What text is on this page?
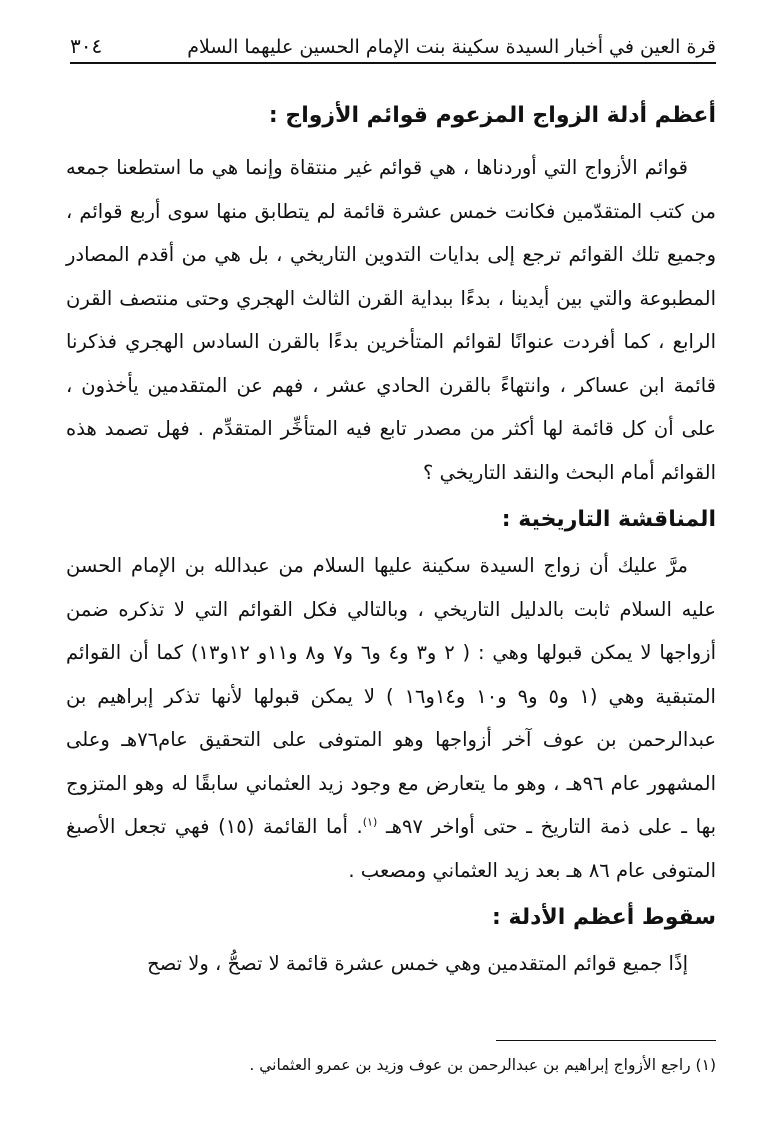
٣٠٤	قرة العين في أخبار السيدة سكينة بنت الإمام الحسين عليهما السلام
أعظم أدلة الزواج المزعوم قوائم الأزواج :

قوائم الأزواج التي أوردناها ، هي قوائم غير منتقاة وإنما هي ما استطعنا جمعه من كتب المتقدّمين فكانت خمس عشرة قائمة لم يتطابق منها سوى أربع قوائم ، وجميع تلك القوائم ترجع إلى بدايات التدوين التاريخي ، بل هي من أقدم المصادر المطبوعة والتي بين أيدينا ، بدءًا ببداية القرن الثالث الهجري وحتى منتصف القرن الرابع ، كما أفردت عنوانًا لقوائم المتأخرين بدءًا بالقرن السادس الهجري فذكرنا قائمة ابن عساكر ، وانتهاءً بالقرن الحادي عشر ، فهم عن المتقدمين يأخذون ، على أن كل قائمة لها أكثر من مصدر تابع فيه المتأخِّر المتقدِّم . فهل تصمد هذه القوائم أمام البحث والنقد التاريخي ؟

المناقشة التاريخية :

مرَّ عليك أن زواج السيدة سكينة عليها السلام من عبدالله بن الإمام الحسن عليه السلام ثابت بالدليل التاريخي ، وبالتالي فكل القوائم التي لا تذكره ضمن أزواجها لا يمكن قبولها وهي : ( ٢ و٣ و٤ و٦ و٧ و٨ و١١و ١٢و١٣) كما أن القوائم المتبقية وهي (١ و٥ و٩ و١٠ و١٤و١٦ ) لا يمكن قبولها لأنها تذكر إبراهيم بن عبدالرحمن بن عوف آخر أزواجها وهو المتوفى على التحقيق عام٧٦هـ وعلى المشهور عام ٩٦هـ ، وهو ما يتعارض مع وجود زيد العثماني سابقًا له وهو المتزوج بها ـ على ذمة التاريخ ـ حتى أواخر ٩٧هـ $^{(١)}$. أما القائمة (١٥) فهي تجعل الأصبغ المتوفى عام ٨٦ هـ بعد زيد العثماني ومصعب .

سقوط أعظم الأدلة :

إذًا جميع قوائم المتقدمين وهي خمس عشرة قائمة لا تصحُّ ، ولا تصح

(١) راجع الأزواج إبراهيم بن عبدالرحمن بن عوف وزيد بن عمرو العثماني .
